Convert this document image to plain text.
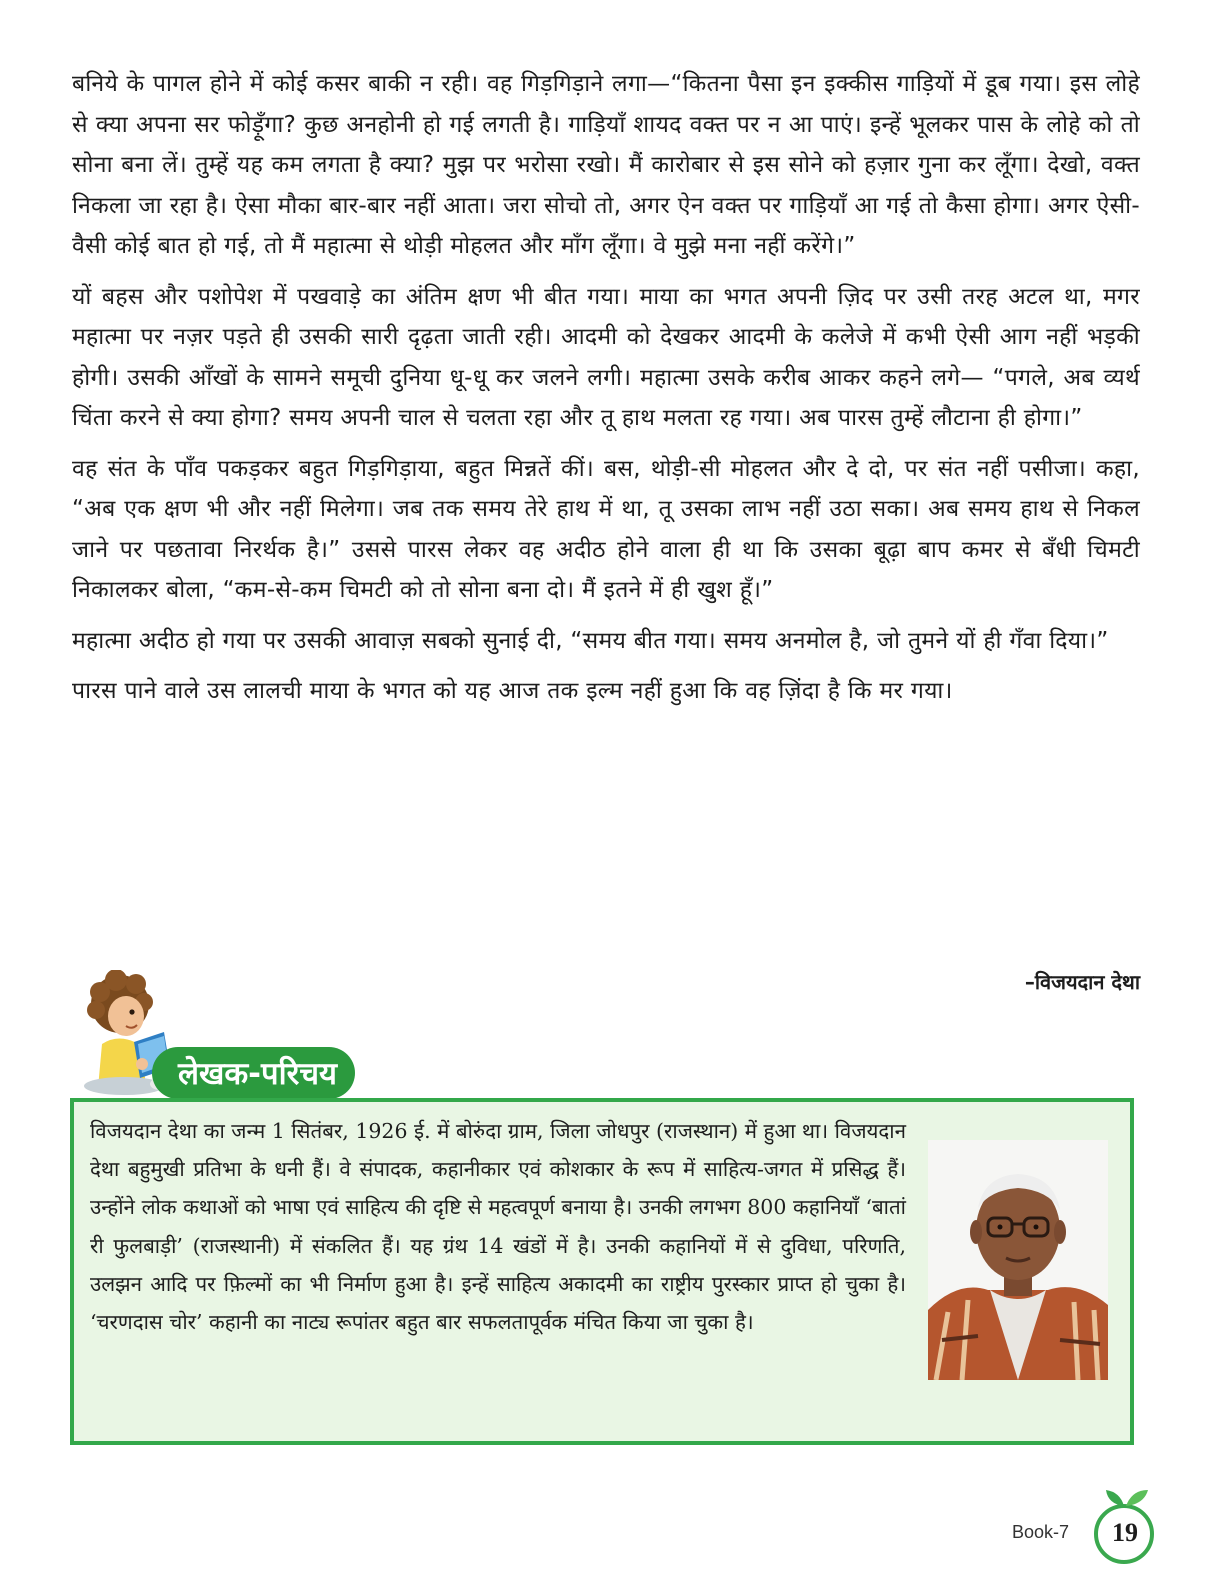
बनिये के पागल होने में कोई कसर बाकी न रही। वह गिड़गिड़ाने लगा—“कितना पैसा इन इक्कीस गाड़ियों में डूब गया। इस लोहे से क्या अपना सर फोड़ूँगा? कुछ अनहोनी हो गई लगती है। गाड़ियाँ शायद वक्त पर न आ पाएं। इन्हें भूलकर पास के लोहे को तो सोना बना लें। तुम्हें यह कम लगता है क्या? मुझ पर भरोसा रखो। मैं कारोबार से इस सोने को हज़ार गुना कर लूँगा। देखो, वक्त निकला जा रहा है। ऐसा मौका बार-बार नहीं आता। जरा सोचो तो, अगर ऐन वक्त पर गाड़ियाँ आ गई तो कैसा होगा। अगर ऐसी-वैसी कोई बात हो गई, तो मैं महात्मा से थोड़ी मोहलत और माँग लूँगा। वे मुझे मना नहीं करेंगे।”

यों बहस और पशोपेश में पखवाड़े का अंतिम क्षण भी बीत गया। माया का भगत अपनी ज़िद पर उसी तरह अटल था, मगर महात्मा पर नज़र पड़ते ही उसकी सारी दृढ़ता जाती रही। आदमी को देखकर आदमी के कलेजे में कभी ऐसी आग नहीं भड़की होगी। उसकी आँखों के सामने समूची दुनिया धू-धू कर जलने लगी। महात्मा उसके करीब आकर कहने लगे— “पगले, अब व्यर्थ चिंता करने से क्या होगा? समय अपनी चाल से चलता रहा और तू हाथ मलता रह गया। अब पारस तुम्हें लौटाना ही होगा।”

वह संत के पाँव पकड़कर बहुत गिड़गिड़ाया, बहुत मिन्नतें कीं। बस, थोड़ी-सी मोहलत और दे दो, पर संत नहीं पसीजा। कहा, “अब एक क्षण भी और नहीं मिलेगा। जब तक समय तेरे हाथ में था, तू उसका लाभ नहीं उठा सका। अब समय हाथ से निकल जाने पर पछतावा निरर्थक है।” उससे पारस लेकर वह अदीठ होने वाला ही था कि उसका बूढ़ा बाप कमर से बँधी चिमटी निकालकर बोला, “कम-से-कम चिमटी को तो सोना बना दो। मैं इतने में ही खुश हूँ।”

महात्मा अदीठ हो गया पर उसकी आवाज़ सबको सुनाई दी, “समय बीत गया। समय अनमोल है, जो तुमने यों ही गँवा दिया।”

पारस पाने वाले उस लालची माया के भगत को यह आज तक इल्म नहीं हुआ कि वह ज़िंदा है कि मर गया।

–विजयदान देथा
लेखक-परिचय

विजयदान देथा का जन्म 1 सितंबर, 1926 ई. में बोरुंदा ग्राम, जिला जोधपुर (राजस्थान) में हुआ था। विजयदान देथा बहुमुखी प्रतिभा के धनी हैं। वे संपादक, कहानीकार एवं कोशकार के रूप में साहित्य-जगत में प्रसिद्ध हैं। उन्होंने लोक कथाओं को भाषा एवं साहित्य की दृष्टि से महत्वपूर्ण बनाया है। उनकी लगभग 800 कहानियाँ ‘बातां री फुलबाड़ी’ (राजस्थानी) में संकलित हैं। यह ग्रंथ 14 खंडों में है। उनकी कहानियों में से दुविधा, परिणति, उलझन आदि पर फ़िल्मों का भी निर्माण हुआ है। इन्हें साहित्य अकादमी का राष्ट्रीय पुरस्कार प्राप्त हो चुका है। ‘चरणदास चोर’ कहानी का नाट्य रूपांतर बहुत बार सफलतापूर्वक मंचित किया जा चुका है।

Book-7	19
